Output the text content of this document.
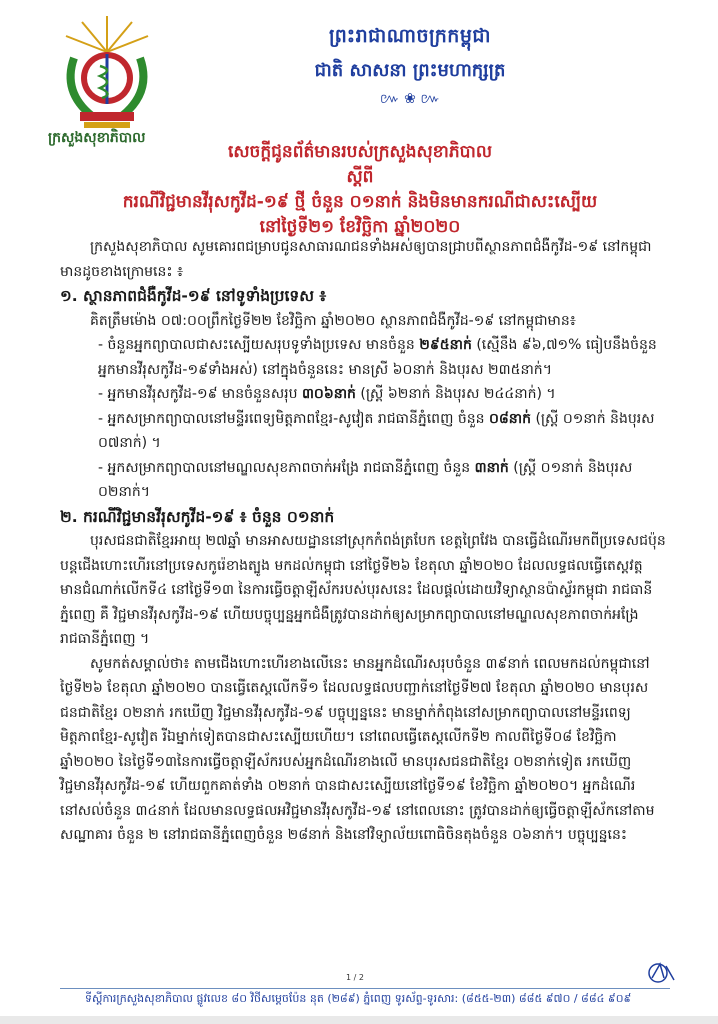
ក្រសួងសុខាភិបាល
ព្រះរាជាណាចក្រកម្ពុជា
ជាតិ សាសនា ព្រះមហាក្សត្រ
៚ ❀ ៚
សេចក្តីជូនព័ត៌មានរបស់ក្រសួងសុខាភិបាល
ស្តីពី
ករណីវិជ្ជមានវីរុសកូវីដ-១៩ ថ្មី ចំនួន ០១នាក់ និងមិនមានករណីជាសះស្បើយ
នៅថ្ងៃទី២១ ខែវិច្ឆិកា ឆ្នាំ២០២០

ក្រសួងសុខាភិបាល សូមគោរពជម្រាបជូនសាធារណជនទាំងអស់ឲ្យបានជ្រាបពីស្ថានភាពជំងឺកូវីដ-១៩ នៅកម្ពុជា មានដូចខាងក្រោមនេះ ៖

១. ស្ថានភាពជំងឺកូវីដ-១៩ នៅទូទាំងប្រទេស ៖

គិតត្រឹមម៉ោង ០៧:០០ព្រឹកថ្ងៃទី២២ ខែវិច្ឆិកា ឆ្នាំ២០២០ ស្ថានភាពជំងឺកូវីដ-១៩ នៅកម្ពុជាមាន៖

- ចំនួនអ្នកព្យាបាលជាសះស្បើយសរុបទូទាំងប្រទេស មានចំនួន ២៩៥នាក់ (ស្មើនឹង ៩៦,៧១% ធៀបនឹងចំនួនអ្នកមានវីរុសកូវីដ-១៩ទាំងអស់) នៅក្នុងចំនួននេះ មានស្រី ៦០នាក់ និងបុរស ២៣៥នាក់។

- អ្នកមានវីរុសកូវីដ-១៩ មានចំនួនសរុប ៣០៦នាក់ (ស្ត្រី ៦២នាក់ និងបុរស ២៤៤នាក់) ។

- អ្នកសម្រាកព្យាបាលនៅមន្ទីរពេទ្យមិត្តភាពខ្មែរ-សូវៀត រាជធានីភ្នំពេញ ចំនួន ០៨នាក់ (ស្ត្រី ០១នាក់ និងបុរស ០៧នាក់) ។

- អ្នកសម្រាកព្យាបាលនៅមណ្ឌលសុខភាពចាក់អង្រែ រាជធានីភ្នំពេញ ចំនួន ៣នាក់ (ស្ត្រី ០១នាក់ និងបុរស ០២នាក់។

២. ករណីវិជ្ជមានវីរុសកូវីដ-១៩ ៖ ចំនួន ០១នាក់

បុរសជនជាតិខ្មែរអាយុ ២៧ឆ្នាំ មានអាសយដ្ឋាននៅស្រុកកំពង់ត្របែក ខេត្តព្រៃវែង បានធ្វើដំណើរមកពីប្រទេសជប៉ុន បន្តជើងហោះហើរនៅប្រទេសកូរ៉េខាងត្បូង មកដល់កម្ពុជា នៅថ្ងៃទី២៦ ខែតុលា ឆ្នាំ២០២០ ដែលលទ្ធផលធ្វើតេស្តវត្តមានជំណាក់លើកទី៤ នៅថ្ងៃទី១៣ នៃការធ្វើចត្តាឡីស័ករបស់បុរសនេះ ដែលផ្តល់ដោយវិទ្យាស្ថានប៉ាស្ទ័រកម្ពុជា រាជធានីភ្នំពេញ គឺ វិជ្ជមានវីរុសកូវីដ-១៩ ហើយបច្ចុប្បន្នអ្នកជំងឺត្រូវបានដាក់ឲ្យសម្រាកព្យាបាលនៅមណ្ឌលសុខភាពចាក់អង្រែ រាជធានីភ្នំពេញ ។

សូមកត់សម្គាល់ថា៖ តាមជើងហោះហើរខាងលើនេះ មានអ្នកដំណើរសរុបចំនួន ៣៩នាក់ ពេលមកដល់កម្ពុជានៅថ្ងៃទី២៦ ខែតុលា ឆ្នាំ២០២០ បានធ្វើតេស្តលើកទី១ ដែលលទ្ធផលបញ្ជាក់នៅថ្ងៃទី២៧ ខែតុលា ឆ្នាំ២០២០ មានបុរសជនជាតិខ្មែរ ០២នាក់ រកឃើញ វិជ្ជមានវីរុសកូវីដ-១៩ បច្ចុប្បន្ននេះ មានម្នាក់កំពុងនៅសម្រាកព្យាបាលនៅមន្ទីរពេទ្យមិត្តភាពខ្មែរ-សូវៀត រីឯម្នាក់ទៀតបានជាសះស្បើយហើយ។ នៅពេលធ្វើតេស្តលើកទី២ កាលពីថ្ងៃទី០៨ ខែវិច្ឆិកា ឆ្នាំ២០២០ នៃថ្ងៃទី១៣នៃការធ្វើចត្តាឡីស័ករបស់អ្នកដំណើរខាងលើ មានបុរសជនជាតិខ្មែរ ០២នាក់ទៀត រកឃើញ វិជ្ជមានវីរុសកូវីដ-១៩ ហើយពួកគាត់ទាំង ០២នាក់ បានជាសះស្បើយនៅថ្ងៃទី១៩ ខែវិច្ឆិកា ឆ្នាំ២០២០។ អ្នកដំណើរនៅសល់ចំនួន ៣៤នាក់ ដែលមានលទ្ធផលអវិជ្ជមានវីរុសកូវីដ-១៩ នៅពេលនោះ ត្រូវបានដាក់ឲ្យធ្វើចត្តាឡីស័កនៅតាមសណ្ឋាគារ ចំនួន ២ នៅរាជធានីភ្នំពេញចំនួន ២៨នាក់ និងនៅវិទ្យាល័យពោធិចិនតុងចំនួន ០៦នាក់។ បច្ចុប្បន្ននេះ

1 / 2
ទីស្តីការក្រសួងសុខាភិបាល ផ្លូវលេខ ៨០ វិថីសម្តេចប៉ែន នុត (២៨៩) ភ្នំពេញ ទូរស័ព្ទ-ទូរសារ: (៨៥៥-២៣) ៨៨៥ ៩៧០ / ៨៨៤ ៩០៩
